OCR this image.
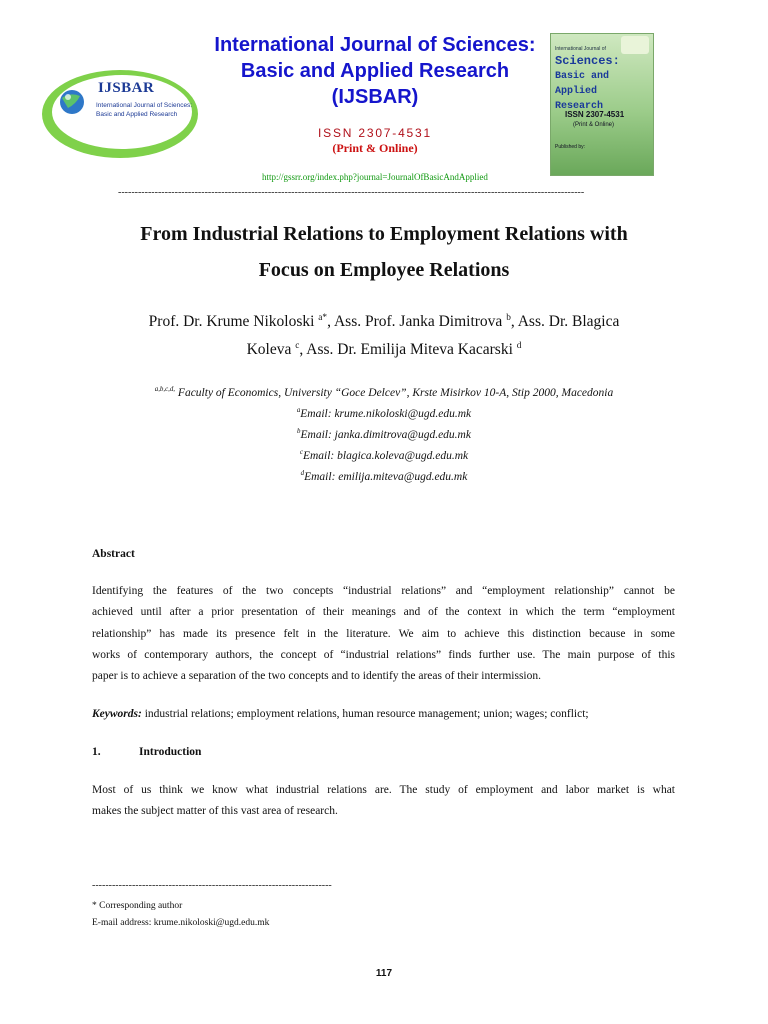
IJSBAR
International Journal of Sciences:
Basic and Applied Research
International Journal of Sciences:
Basic and Applied Research
(IJSBAR)
ISSN 2307-4531
(Print & Online)
http://gssrr.org/index.php?journal=JournalOfBasicAndApplied
International Journal of
Sciences:
Basic and Applied
Research
ISSN 2307-4531
(Print & Online)
Published by:
--------------------------------------------------------------------------------------------------------------------------------------------
From Industrial Relations to Employment Relations with
Focus on Employee Relations
Prof. Dr. Krume Nikoloski $^{a*}$, Ass. Prof. Janka Dimitrova $^b$, Ass. Dr. Blagica
Koleva $^c$, Ass. Dr. Emilija Miteva Kacarski $^d$
$^{a,b,c,d,}$ Faculty of Economics, University “Goce Delcev”, Krste Misirkov 10-A, Stip 2000, Macedonia
$^a$Email: krume.nikoloski@ugd.edu.mk
$^b$Email: janka.dimitrova@ugd.edu.mk
$^c$Email: blagica.koleva@ugd.edu.mk
$^d$Email: emilija.miteva@ugd.edu.mk
Abstract
Identifying the features of the two concepts “industrial relations” and “employment relationship” cannot be
achieved until after a prior presentation of their meanings and of the context in which the term “employment
relationship” has made its presence felt in the literature. We aim to achieve this distinction because in some
works of contemporary authors, the concept of “industrial relations” finds further use. The main purpose of this
paper is to achieve a separation of the two concepts and to identify the areas of their intermission.
Keywords: industrial relations; employment relations, human resource management; union; wages; conflict;
1.	Introduction
Most of us think we know what industrial relations are. The study of employment and labor market is what
makes the subject matter of this vast area of research.
------------------------------------------------------------------------
* Corresponding author
E-mail address: krume.nikoloski@ugd.edu.mk
117
